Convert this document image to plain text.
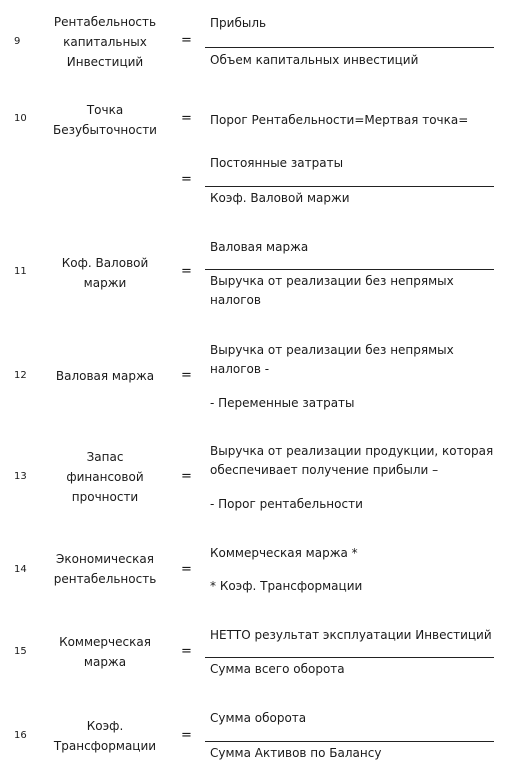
9
Рентабельность
капитальных
Инвестиций
=
Прибыль
Объем капитальных инвестиций
10
Точка
Безубыточности
= Порог Рентабельности=Мертвая точка=
=
Постоянные затраты
Коэф. Валовой маржи
11
Коф. Валовой
маржи
=
Валовая маржа
Выручка от реализации без непрямых
налогов
12	Валовая маржа	=
Выручка от реализации без непрямых
налогов -
- Переменные затраты
13
Запас
финансовой
прочности
=
Выручка от реализации продукции, которая
обеспечивает получение прибыли –
- Порог рентабельности
14
Экономическая
рентабельность
=
Коммерческая маржа *
* Коэф. Трансформации
15
Коммерческая
маржа
=
НЕТТО результат эксплуатации Инвестиций
Сумма всего оборота
16
Коэф.
Трансформации
=
Сумма оборота
Сумма Активов по Балансу
